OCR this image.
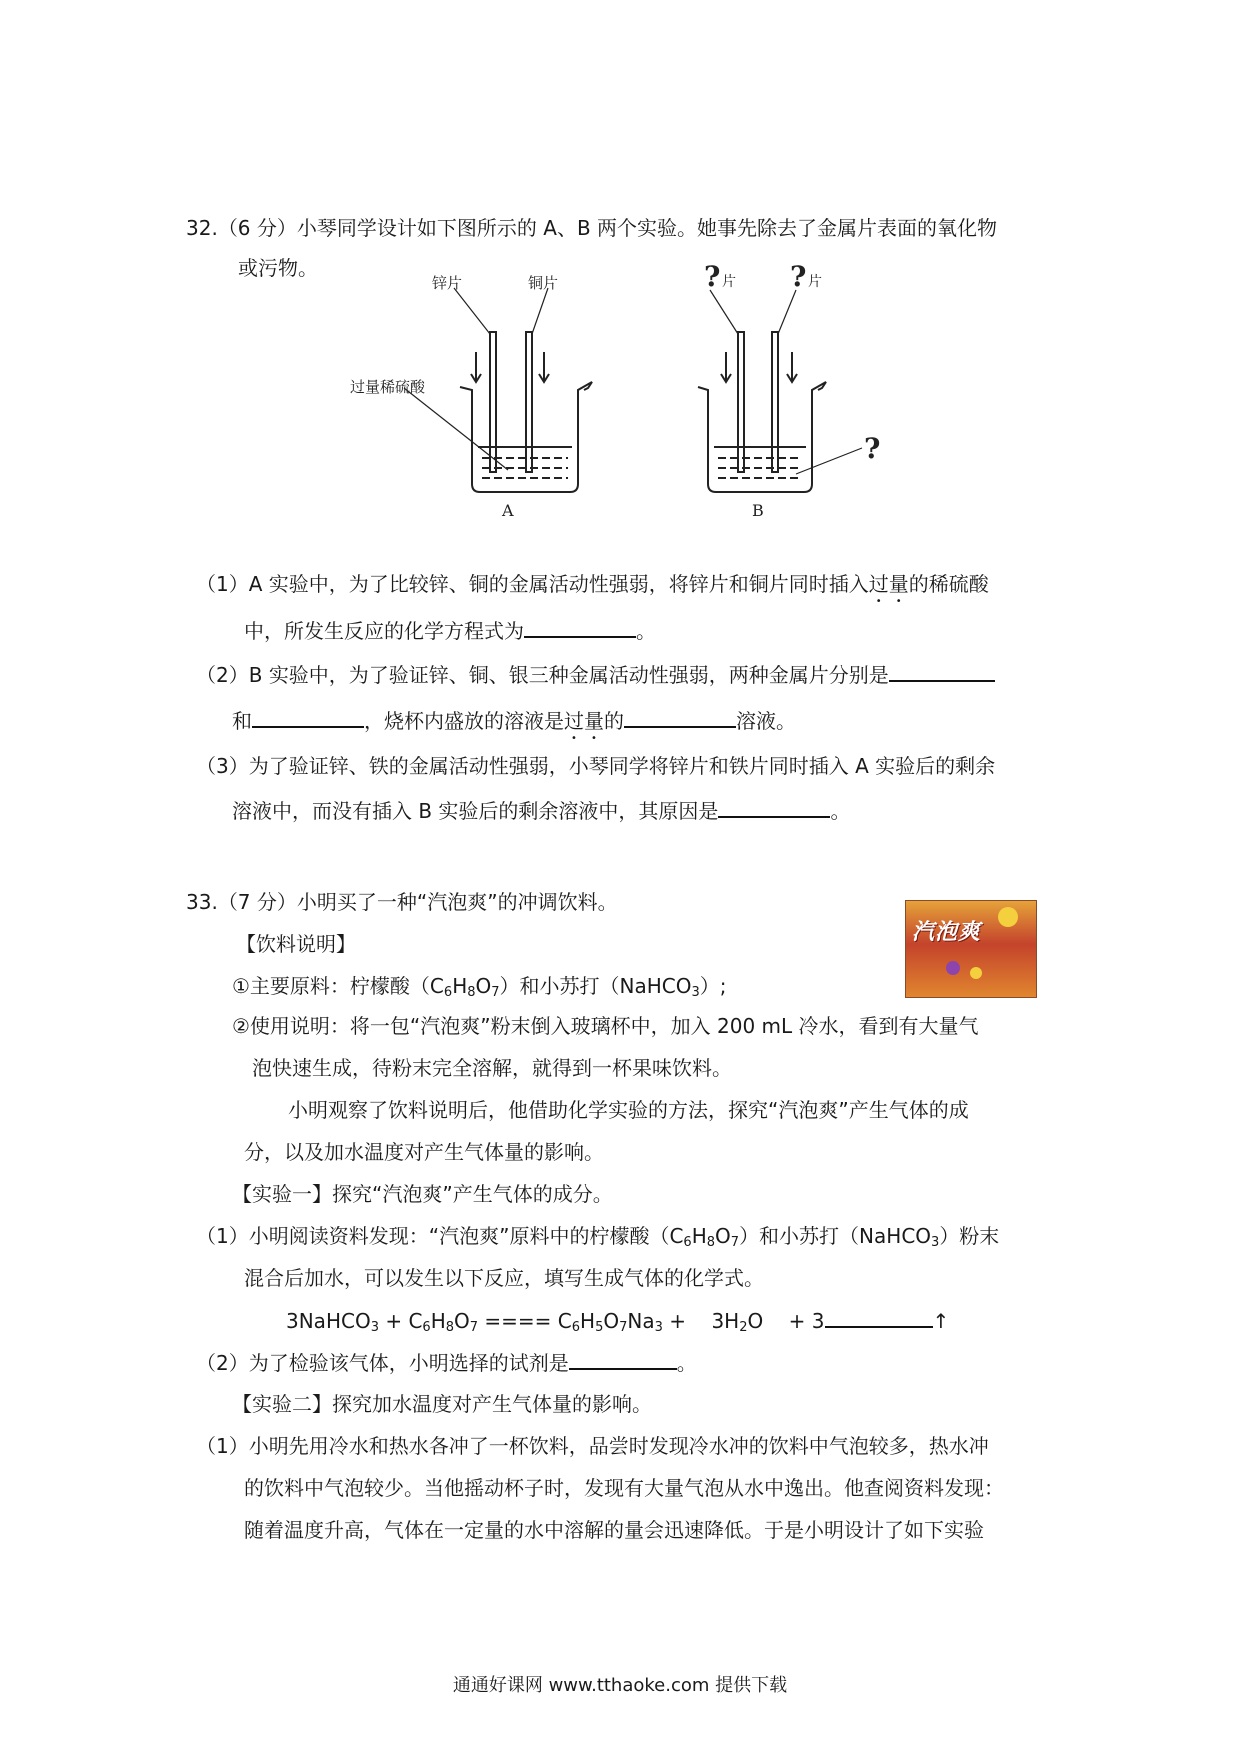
32.（6 分）小琴同学设计如下图所示的 A、B 两个实验。她事先除去了金属片表面的氧化物
或污物。
锌片	铜片
过量稀硫酸
A
? 片 ? 片
?
B
（1）A 实验中，为了比较锌、铜的金属活动性强弱，将锌片和铜片同时插入过量的稀硫酸
中，所发生反应的化学方程式为	。
（2）B 实验中，为了验证锌、铜、银三种金属活动性强弱，两种金属片分别是
和	，烧杯内盛放的溶液是过量的	溶液。
（3）为了验证锌、铁的金属活动性强弱，小琴同学将锌片和铁片同时插入 A 实验后的剩余
溶液中，而没有插入 B 实验后的剩余溶液中，其原因是	。
33.（7 分）小明买了一种“汽泡爽”的冲调饮料。
汽泡爽
【饮料说明】
①主要原料：柠檬酸$(C_6H_8O_7)$和小苏打（NaHCO$_3$）;
②使用说明：将一包“汽泡爽”粉末倒入玻璃杯中，加入 200 mL 冷水，看到有大量气
泡快速生成，待粉末完全溶解，就得到一杯果味饮料。
小明观察了饮料说明后，他借助化学实验的方法，探究“汽泡爽”产生气体的成
分，以及加水温度对产生气体量的影响。
【实验一】探究“汽泡爽”产生气体的成分。
（1）小明阅读资料发现：“汽泡爽”原料中的柠檬酸$(C_6H_8O_7)$和小苏打（NaHCO$_3$）粉末
混合后加水，可以发生以下反应，填写生成气体的化学式。
3NaHCO$_3$ + $C_6H_8O_7$ ==== $C_6H_5O_7Na_3$ +    $3H_2O$    + 3	↑
（2）为了检验该气体，小明选择的试剂是	。
【实验二】探究加水温度对产生气体量的影响。
（1）小明先用冷水和热水各冲了一杯饮料，品尝时发现冷水冲的饮料中气泡较多，热水冲
的饮料中气泡较少。当他摇动杯子时，发现有大量气泡从水中逸出。他查阅资料发现：
随着温度升高，气体在一定量的水中溶解的量会迅速降低。于是小明设计了如下实验
通通好课网 www.tthaoke.com 提供下载
